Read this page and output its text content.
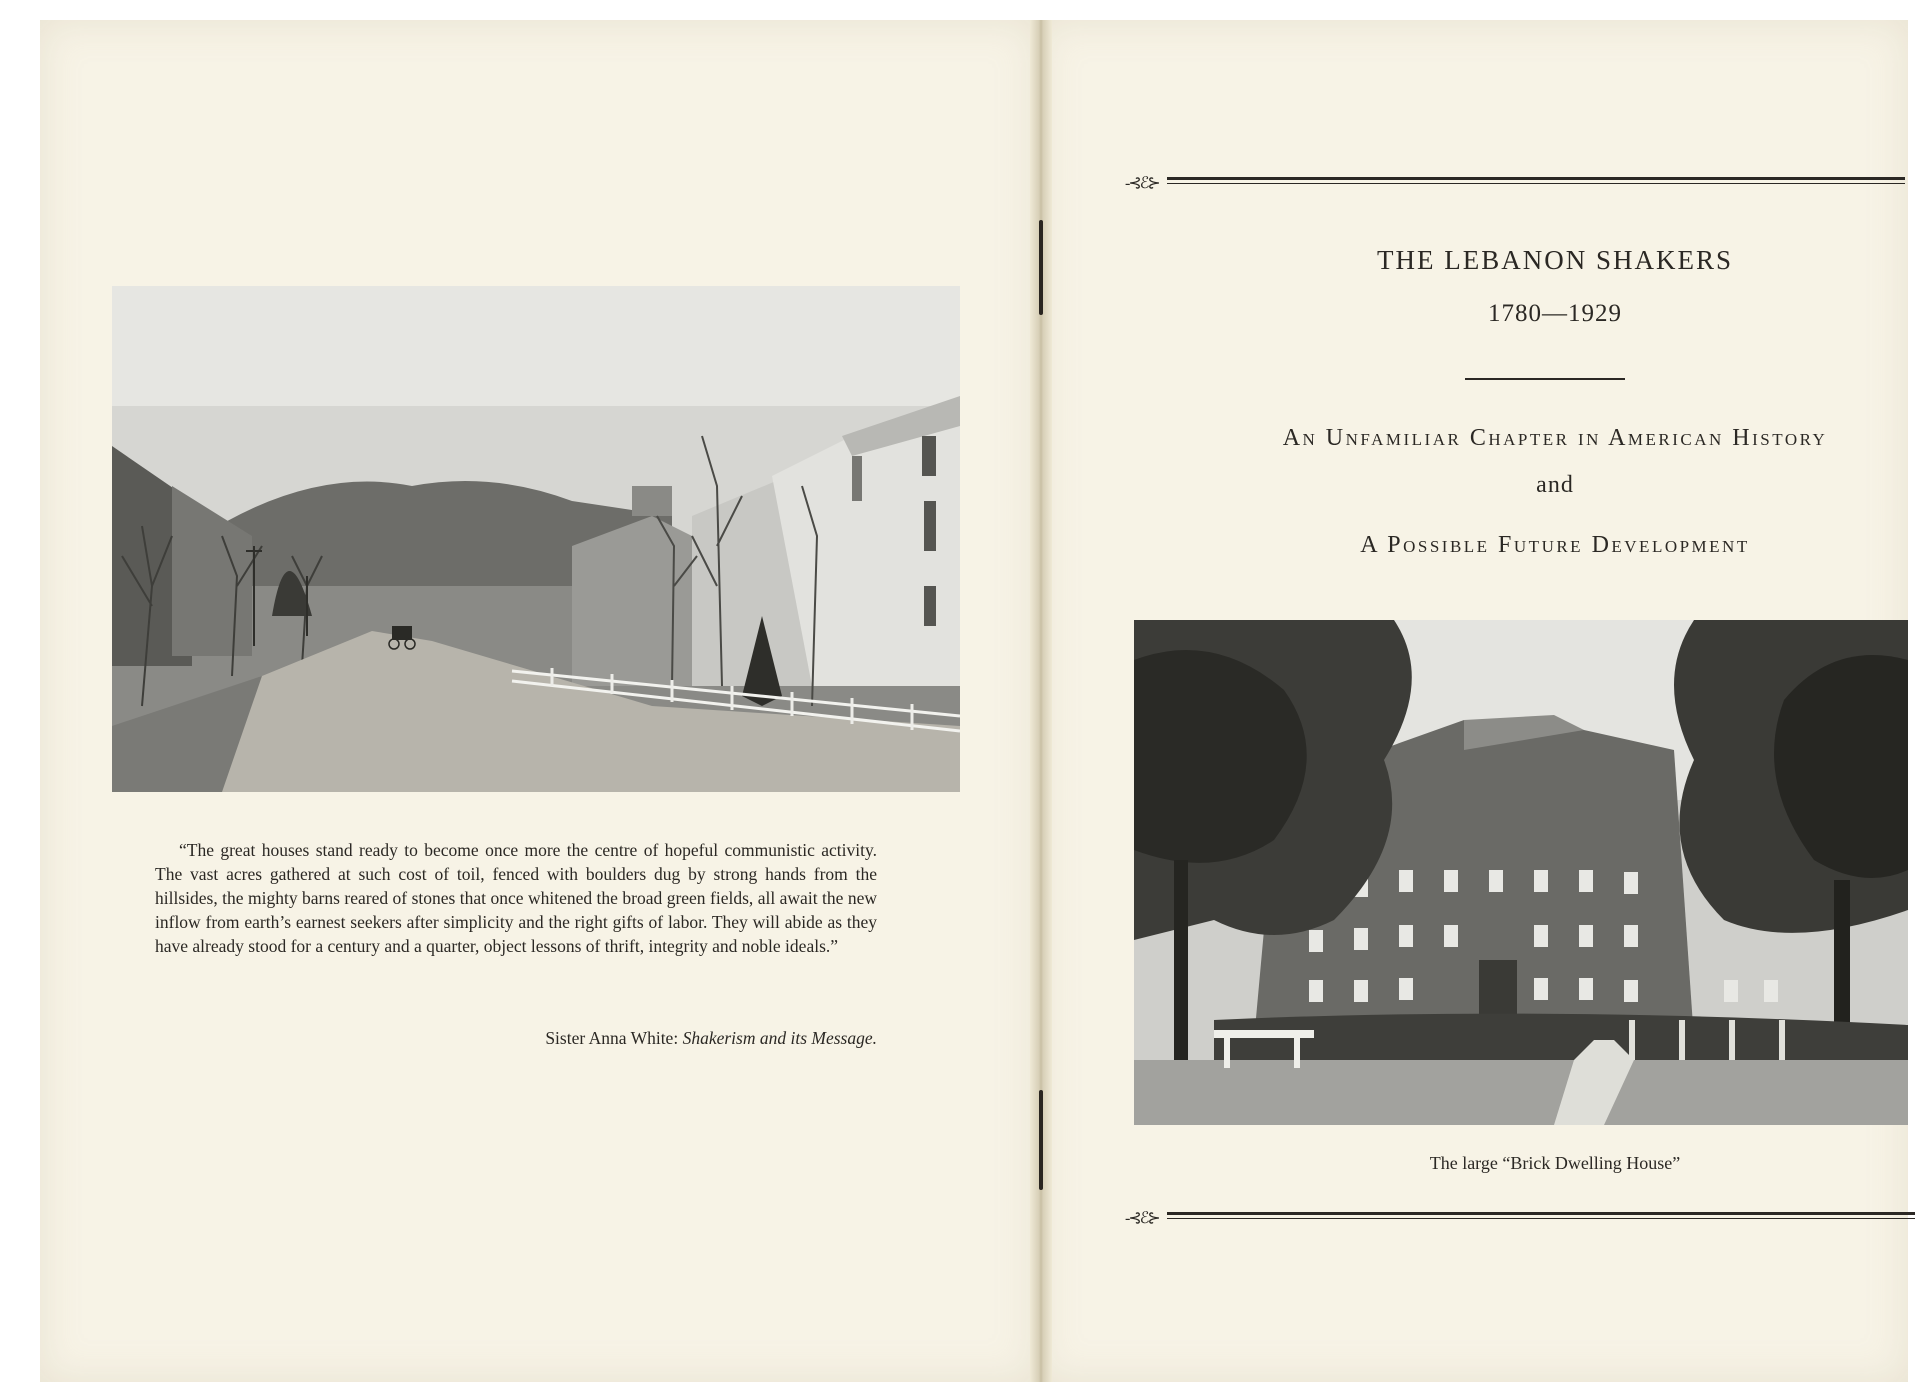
“The great houses stand ready to become once more the centre of hopeful communistic activity. The vast acres gathered at such cost of toil, fenced with boulders dug by strong hands from the hillsides, the mighty barns reared of stones that once whitened the broad green fields, all await the new inflow from earth’s earnest seekers after simplicity and the right gifts of labor. They will abide as they have already stood for a century and a quarter, object lessons of thrift, integrity and noble ideals.”
Sister Anna White: Shakerism and its Message.
-⊰ℰ⊱
THE LEBANON SHAKERS
1780—1929
An Unfamiliar Chapter in American History
and
A Possible Future Development
The large “Brick Dwelling House”
-⊰ℰ⊱
